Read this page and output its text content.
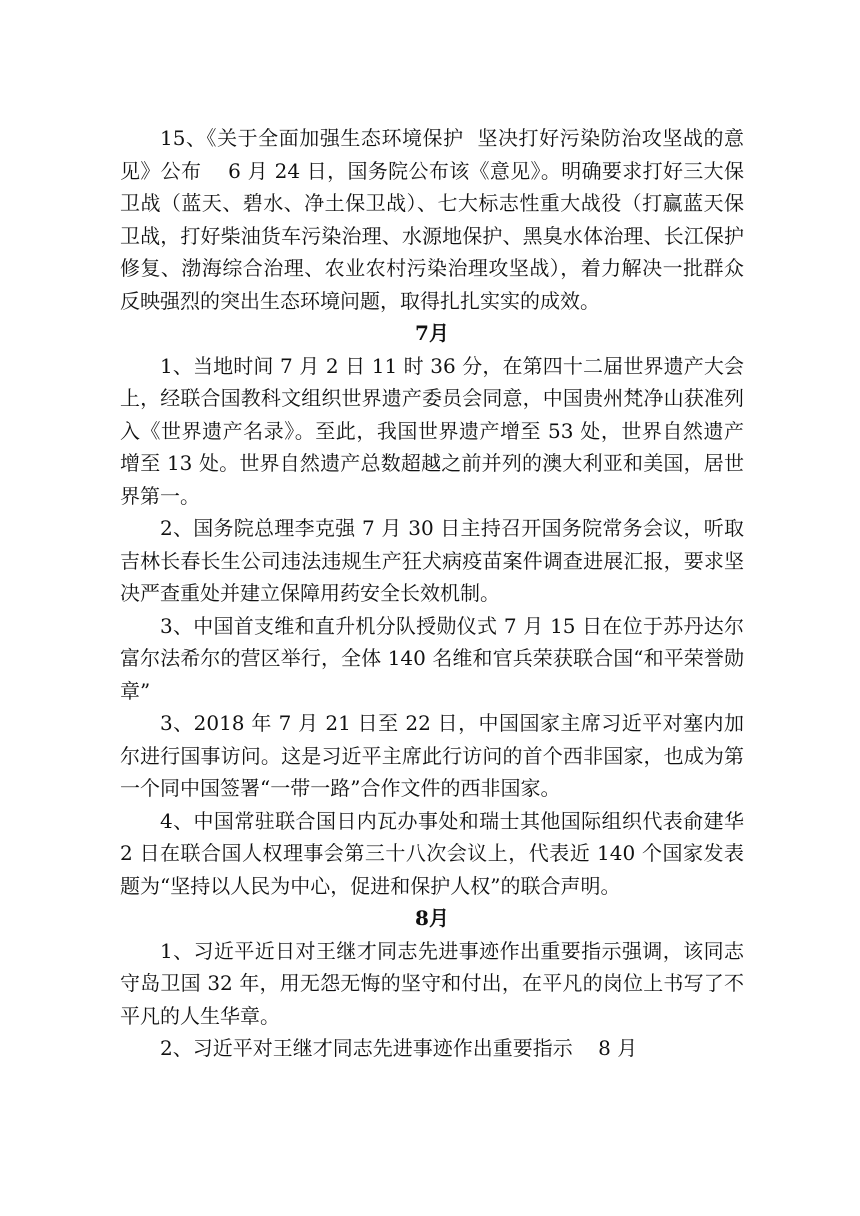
15、《关于全面加强生态环境保护  坚决打好污染防治攻坚战的意见》公布    6 月 24 日，国务院公布该《意见》。明确要求打好三大保卫战（蓝天、碧水、净土保卫战）、七大标志性重大战役（打赢蓝天保卫战，打好柴油货车污染治理、水源地保护、黑臭水体治理、长江保护修复、渤海综合治理、农业农村污染治理攻坚战），着力解决一批群众反映强烈的突出生态环境问题，取得扎扎实实的成效。

7月

1、当地时间 7 月 2 日 11 时 36 分，在第四十二届世界遗产大会上，经联合国教科文组织世界遗产委员会同意，中国贵州梵净山获准列入《世界遗产名录》。至此，我国世界遗产增至 53 处，世界自然遗产增至 13 处。世界自然遗产总数超越之前并列的澳大利亚和美国，居世界第一。

2、国务院总理李克强 7 月 30 日主持召开国务院常务会议，听取吉林长春长生公司违法违规生产狂犬病疫苗案件调查进展汇报，要求坚决严查重处并建立保障用药安全长效机制。

3、中国首支维和直升机分队授勋仪式 7 月 15 日在位于苏丹达尔富尔法希尔的营区举行，全体 140 名维和官兵荣获联合国“和平荣誉勋章”

3、2018 年 7 月 21 日至 22 日，中国国家主席习近平对塞内加尔进行国事访问。这是习近平主席此行访问的首个西非国家，也成为第一个同中国签署“一带一路”合作文件的西非国家。

4、中国常驻联合国日内瓦办事处和瑞士其他国际组织代表俞建华 2 日在联合国人权理事会第三十八次会议上，代表近 140 个国家发表题为“坚持以人民为中心，促进和保护人权”的联合声明。

8月

1、习近平近日对王继才同志先进事迹作出重要指示强调，该同志守岛卫国 32 年，用无怨无悔的坚守和付出，在平凡的岗位上书写了不平凡的人生华章。

2、习近平对王继才同志先进事迹作出重要指示    8 月
